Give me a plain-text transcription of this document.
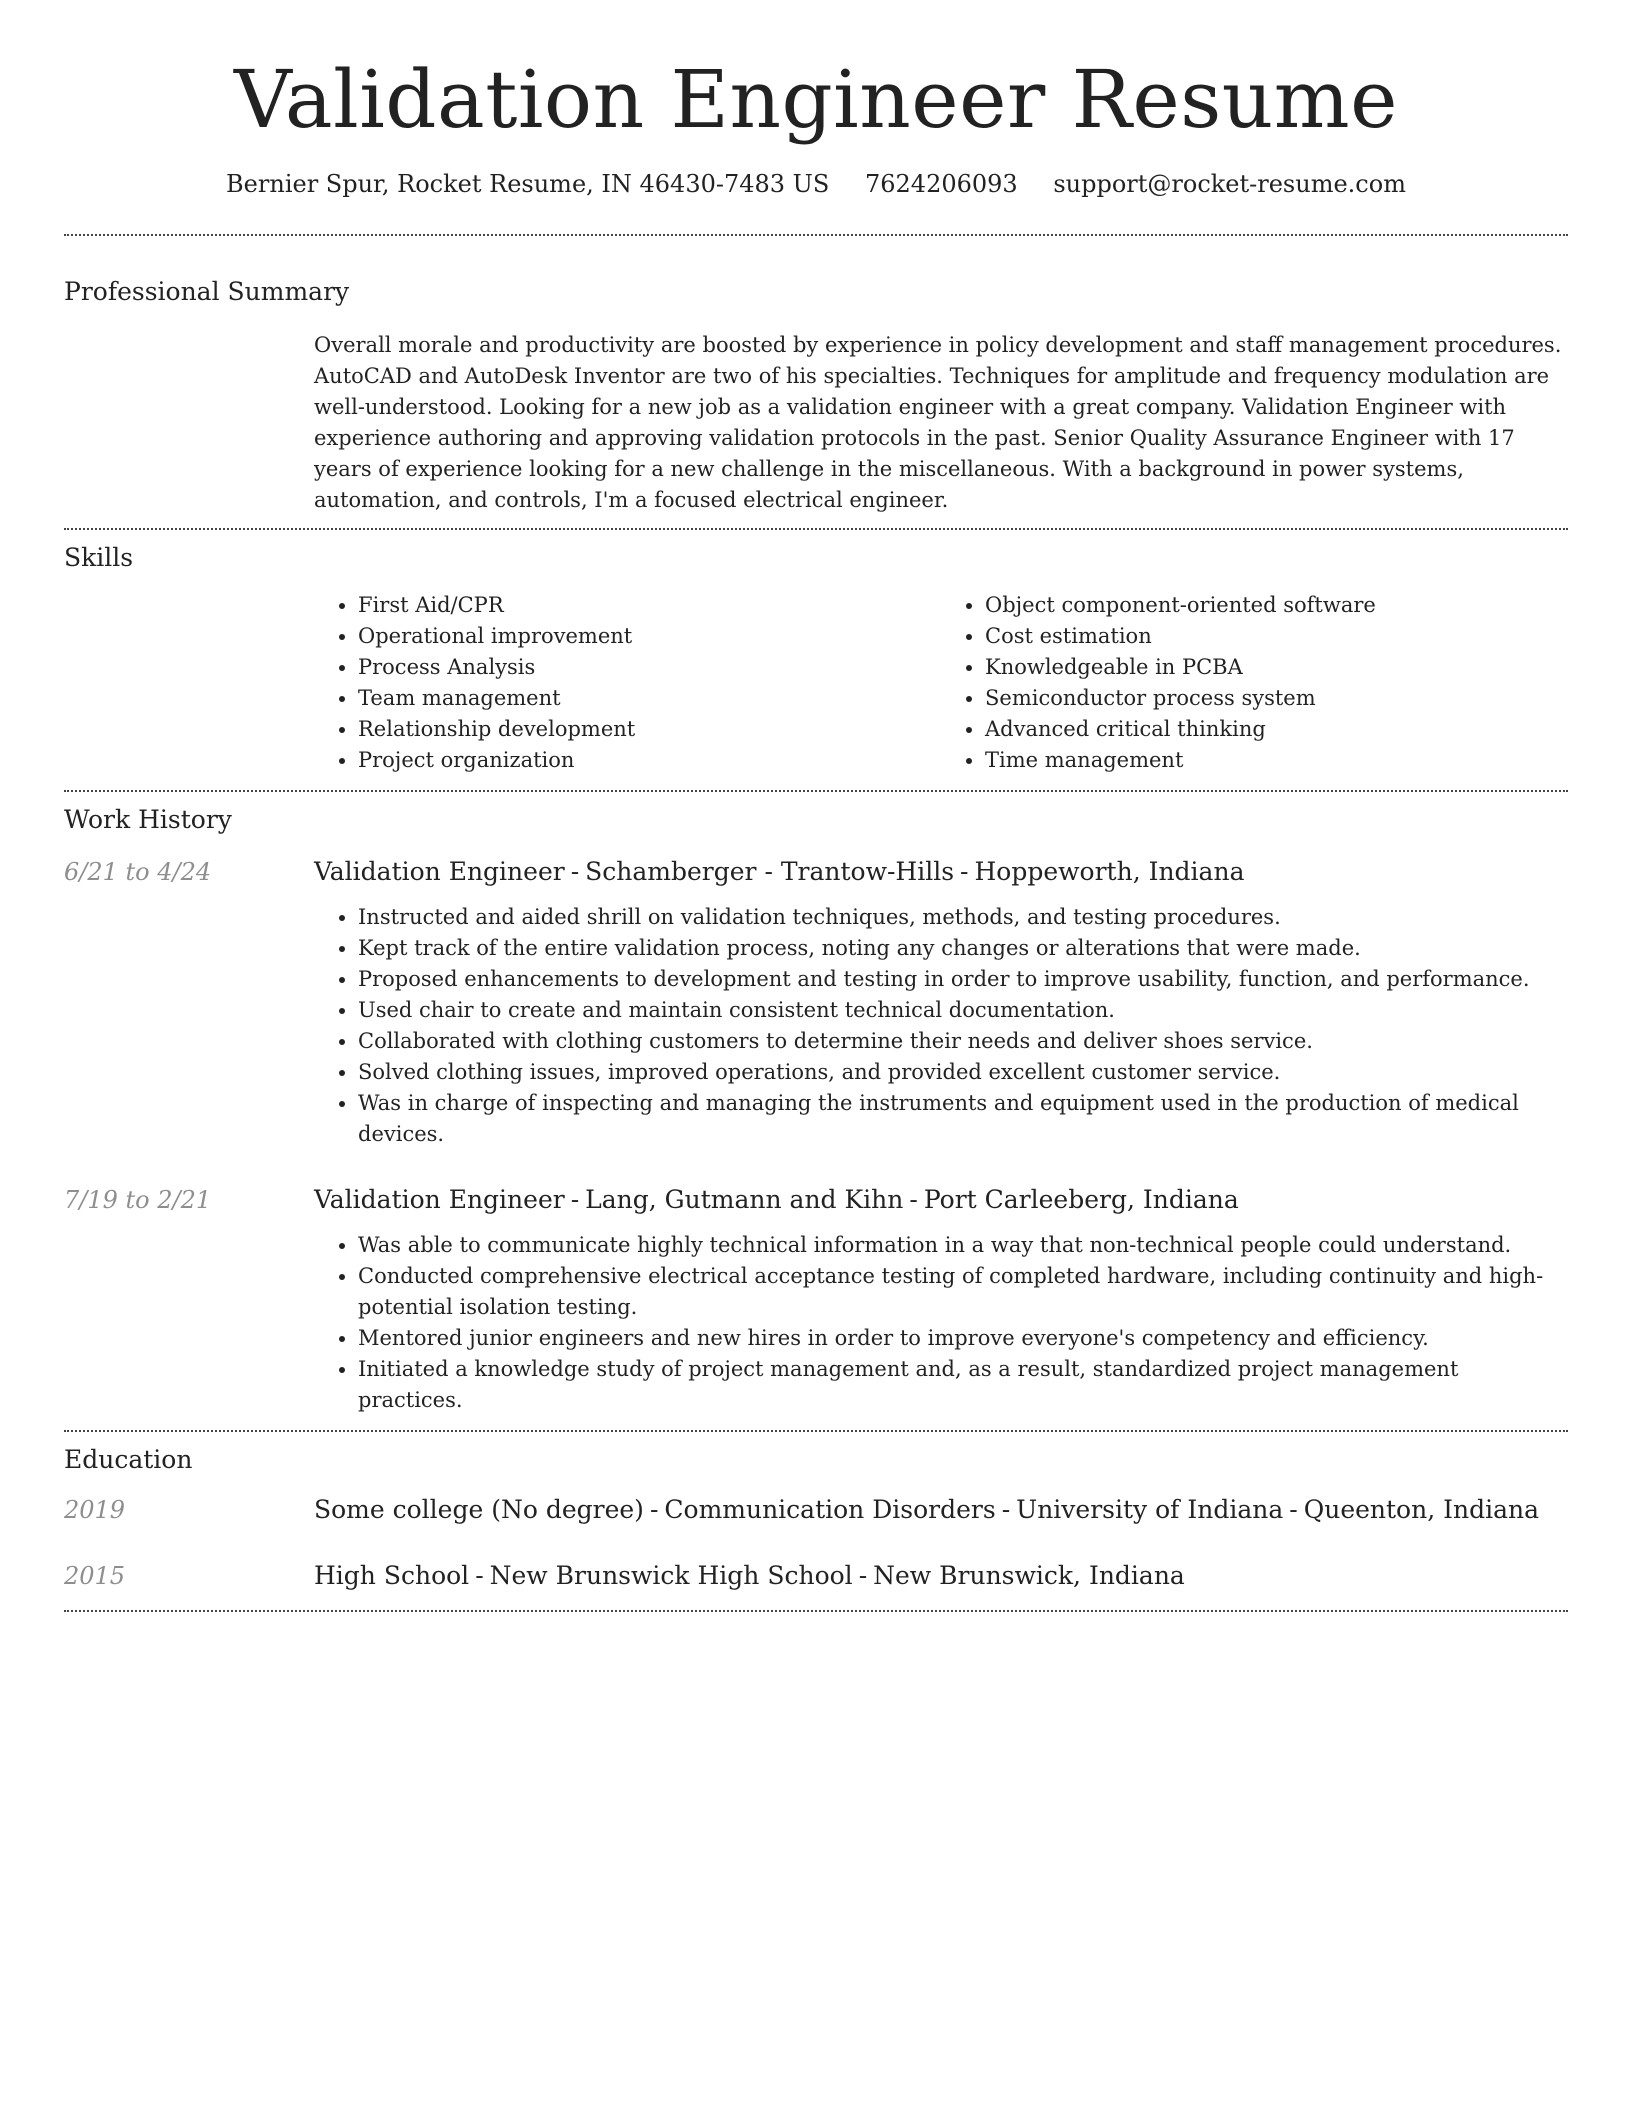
Validation Engineer Resume
Bernier Spur, Rocket Resume, IN 46430-7483 US 7624206093 support@rocket-resume.com
Professional Summary
Overall morale and productivity are boosted by experience in policy development and staff management procedures. AutoCAD and AutoDesk Inventor are two of his specialties. Techniques for amplitude and frequency modulation are well-understood. Looking for a new job as a validation engineer with a great company. Validation Engineer with experience authoring and approving validation protocols in the past. Senior Quality Assurance Engineer with 17 years of experience looking for a new challenge in the miscellaneous. With a background in power systems, automation, and controls, I'm a focused electrical engineer.
Skills
• First Aid/CPR
• Operational improvement
• Process Analysis
• Team management
• Relationship development
• Project organization
• Object component-oriented software
• Cost estimation
• Knowledgeable in PCBA
• Semiconductor process system
• Advanced critical thinking
• Time management
Work History
6/21 to 4/24	Validation Engineer - Schamberger - Trantow-Hills - Hoppeworth, Indiana
• Instructed and aided shrill on validation techniques, methods, and testing procedures.
• Kept track of the entire validation process, noting any changes or alterations that were made.
• Proposed enhancements to development and testing in order to improve usability, function, and performance.
• Used chair to create and maintain consistent technical documentation.
• Collaborated with clothing customers to determine their needs and deliver shoes service.
• Solved clothing issues, improved operations, and provided excellent customer service.
• Was in charge of inspecting and managing the instruments and equipment used in the production of medical devices.
7/19 to 2/21	Validation Engineer - Lang, Gutmann and Kihn - Port Carleeberg, Indiana
• Was able to communicate highly technical information in a way that non-technical people could understand.
• Conducted comprehensive electrical acceptance testing of completed hardware, including continuity and high-potential isolation testing.
• Mentored junior engineers and new hires in order to improve everyone's competency and efficiency.
• Initiated a knowledge study of project management and, as a result, standardized project management practices.
Education
2019	Some college (No degree) - Communication Disorders - University of Indiana - Queenton, Indiana
2015	High School - New Brunswick High School - New Brunswick, Indiana
